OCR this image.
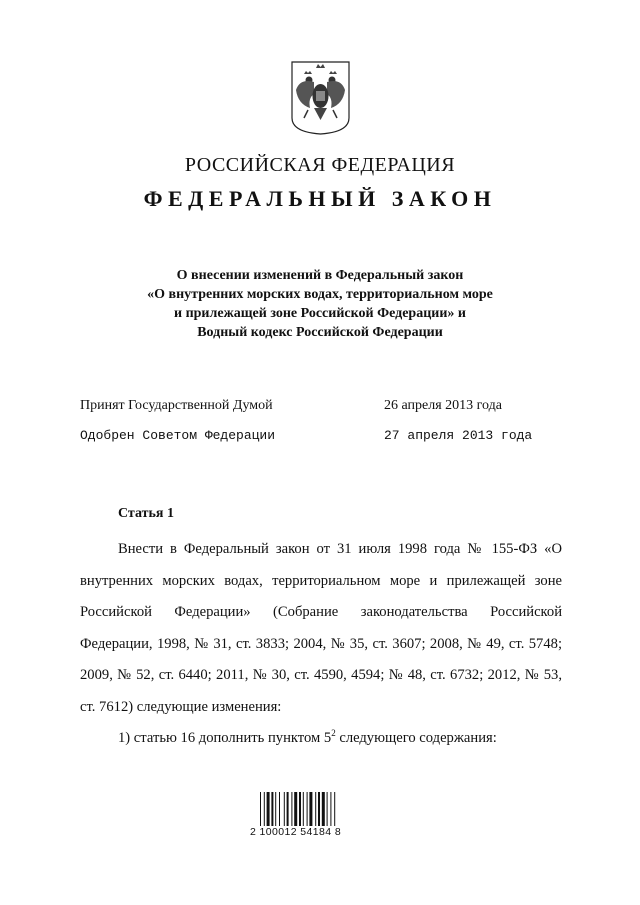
РОССИЙСКАЯ ФЕДЕРАЦИЯ
ФЕДЕРАЛЬНЫЙ ЗАКОН
О внесении изменений в Федеральный закон
«О внутренних морских водах, территориальном море
и прилежащей зоне Российской Федерации» и
Водный кодекс Российской Федерации
Принят Государственной Думой	26 апреля 2013 года
Одобрен Советом Федерации	27 апреля 2013 года
Статья 1

Внести в Федеральный закон от 31 июля 1998 года № 155-ФЗ «О внутренних морских водах, территориальном море и прилежащей зоне Российской Федерации» (Собрание законодательства Российской Федерации, 1998, № 31, ст. 3833; 2004, № 35, ст. 3607; 2008, № 49, ст. 5748; 2009, № 52, ст. 6440; 2011, № 30, ст. 4590, 4594; № 48, ст. 6732; 2012, № 53, ст. 7612) следующие изменения:

1) статью 16 дополнить пунктом $5^2$ следующего содержания:

2 100012 54184 8
